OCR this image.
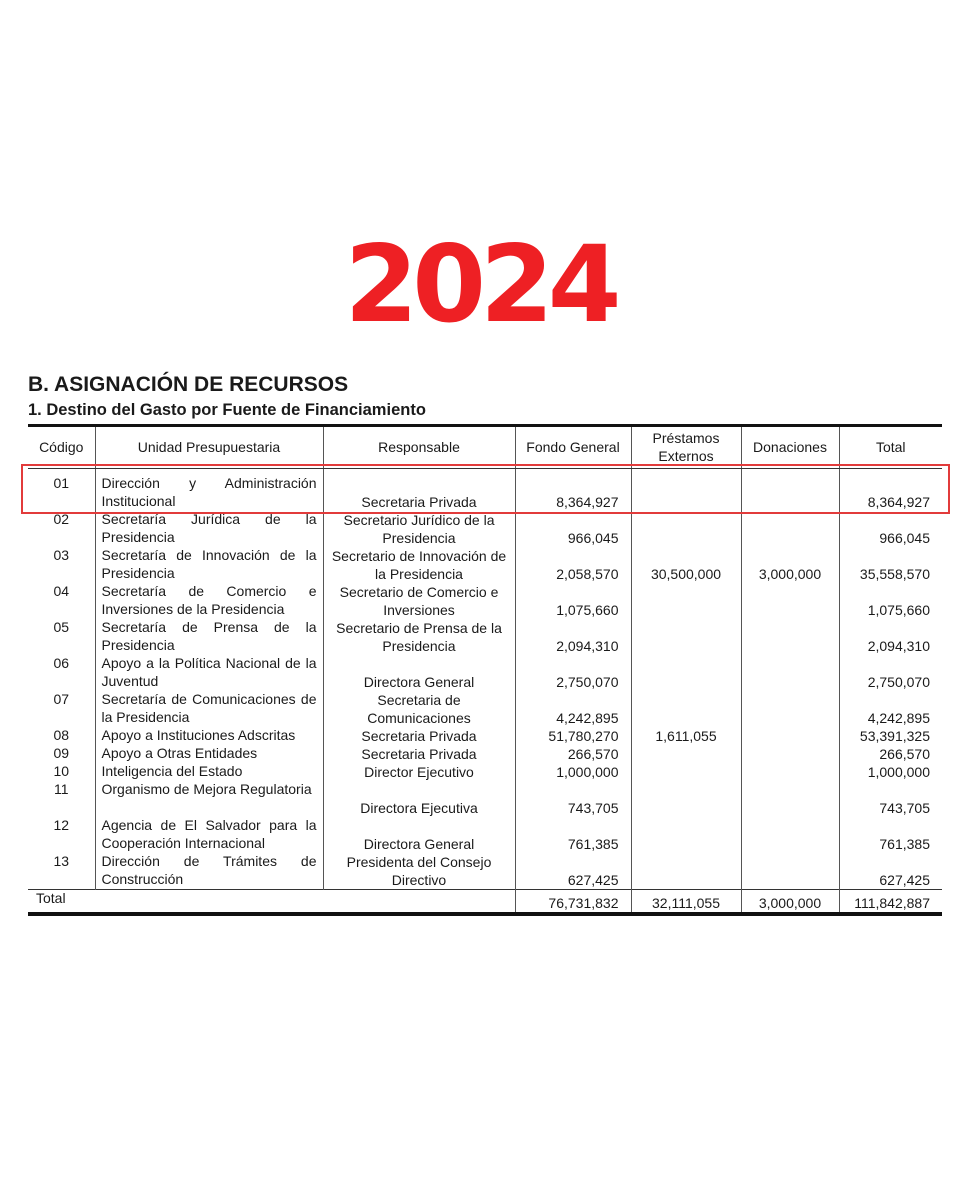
2024
B. ASIGNACIÓN DE RECURSOS
1. Destino del Gasto por Fuente de Financiamiento
Código	Unidad Presupuestaria	Responsable	Fondo General	Préstamos Externos	Donaciones	Total
01	Dirección y Administración Institucional	Secretaria Privada	8,364,927			8,364,927
02	Secretaría Jurídica de la Presidencia	Secretario Jurídico de la Presidencia	966,045			966,045
03	Secretaría de Innovación de la Presidencia	Secretario de Innovación de la Presidencia	2,058,570	30,500,000	3,000,000	35,558,570
04	Secretaría de Comercio e Inversiones de la Presidencia	Secretario de Comercio e Inversiones	1,075,660			1,075,660
05	Secretaría de Prensa de la Presidencia	Secretario de Prensa de la Presidencia	2,094,310			2,094,310
06	Apoyo a la Política Nacional de la Juventud	Directora General	2,750,070			2,750,070
07	Secretaría de Comunicaciones de la Presidencia	Secretaria de Comunicaciones	4,242,895			4,242,895
08	Apoyo a Instituciones Adscritas	Secretaria Privada	51,780,270	1,611,055		53,391,325
09	Apoyo a Otras Entidades	Secretaria Privada	266,570			266,570
10	Inteligencia del Estado	Director Ejecutivo	1,000,000			1,000,000
11	Organismo de Mejora Regulatoria	Directora Ejecutiva	743,705			743,705
12	Agencia de El Salvador para la Cooperación Internacional	Directora General	761,385			761,385
13	Dirección de Trámites de Construcción	Presidenta del Consejo Directivo	627,425			627,425
Total			76,731,832	32,111,055	3,000,000	111,842,887
